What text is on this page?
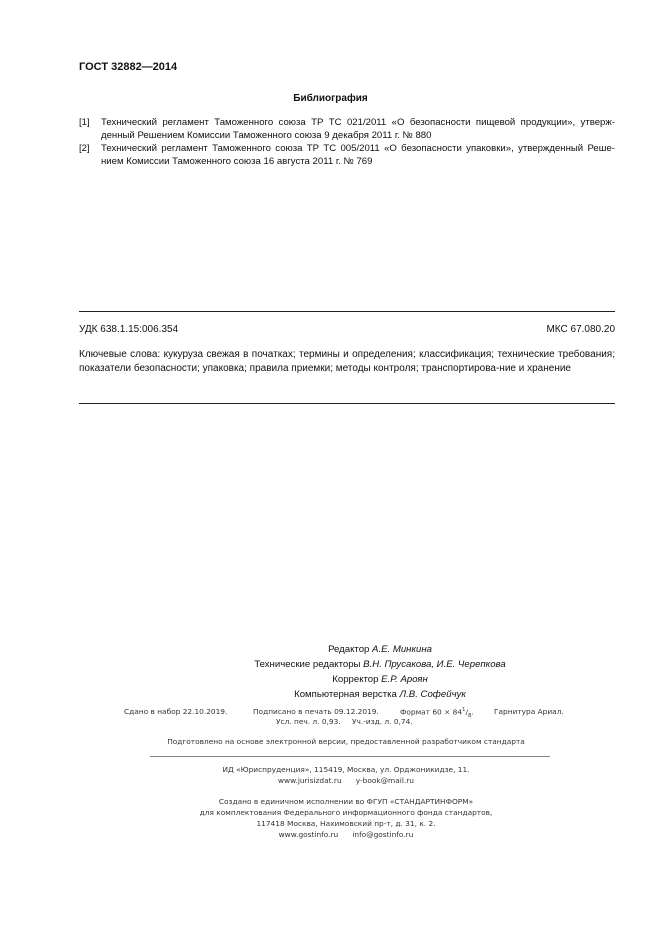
ГОСТ 32882—2014
Библиография
[1] Технический регламент Таможенного союза ТР ТС 021/2011 «О безопасности пищевой продукции», утверж-денный Решением Комиссии Таможенного союза 9 декабря 2011 г. № 880
[2] Технический регламент Таможенного союза ТР ТС 005/2011 «О безопасности упаковки», утвержденный Реше-нием Комиссии Таможенного союза 16 августа 2011 г. № 769
УДК 638.1.15:006.354	МКС 67.080.20
Ключевые слова: кукуруза свежая в початках; термины и определения; классификация; технические требования; показатели безопасности; упаковка; правила приемки; методы контроля; транспортирова-ние и хранение
Редактор А.Е. Минкина
Технические редакторы В.Н. Прусакова, И.Е. Черепкова
Корректор Е.Р. Ароян
Компьютерная верстка Л.В. Софейчук
Сдано в набор 22.10.2019.	Подписано в печать 09.12.2019.	Формат $60 \times 84^1/_8$.	Гарнитура Ариал.
Усл. печ. л. 0,93. Уч.-изд. л. 0,74.
Подготовлено на основе электронной версии, предоставленной разработчиком стандарта
ИД «Юриспруденция», 115419, Москва, ул. Орджоникидзе, 11.
www.jurisizdat.ru y-book@mail.ru
Создано в единичном исполнении во ФГУП «СТАНДАРТИНФОРМ»
для комплектования Федерального информационного фонда стандартов,
117418 Москва, Нахимовский пр-т, д. 31, к. 2.
www.gostinfo.ru info@gostinfo.ru
